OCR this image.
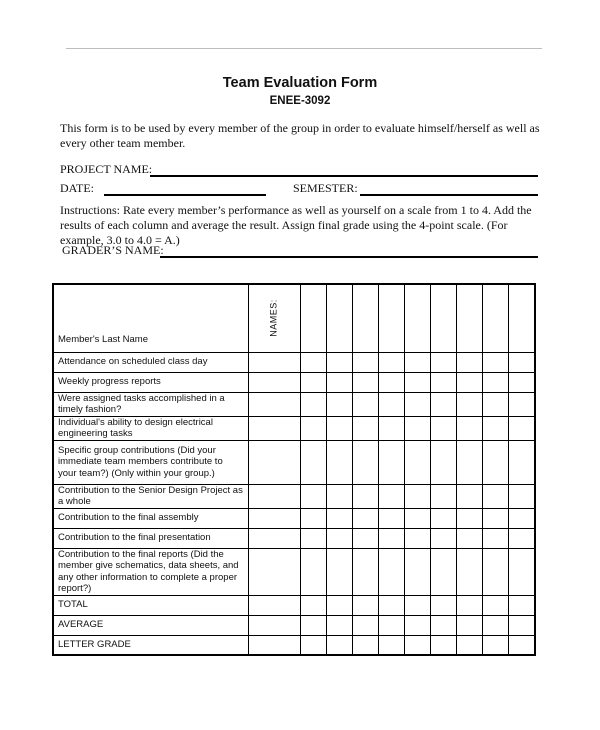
Team Evaluation Form
ENEE-3092

This form is to be used by every member of the group in order to evaluate himself/herself as well as every other team member.

PROJECT NAME:
DATE:	SEMESTER:

Instructions: Rate every member’s performance as well as yourself on a scale from 1 to 4. Add the results of each column and average the result. Assign final grade using the 4-point scale. (For example, 3.0 to 4.0 = A.)

GRADER’S NAME:
Member's Last Name	NAMES:									

Attendance on scheduled class day										
Weekly progress reports										
Were assigned tasks accomplished in a timely fashion?										
Individual's ability to design electrical engineering tasks										
Specific group contributions (Did your immediate team members contribute to your team?) (Only within your group.)										
Contribution to the Senior Design Project as a whole										
Contribution to the final assembly										
Contribution to the final presentation										
Contribution to the final reports (Did the member give schematics, data sheets, and any other information to complete a proper report?)										
TOTAL										
AVERAGE										
LETTER GRADE										
